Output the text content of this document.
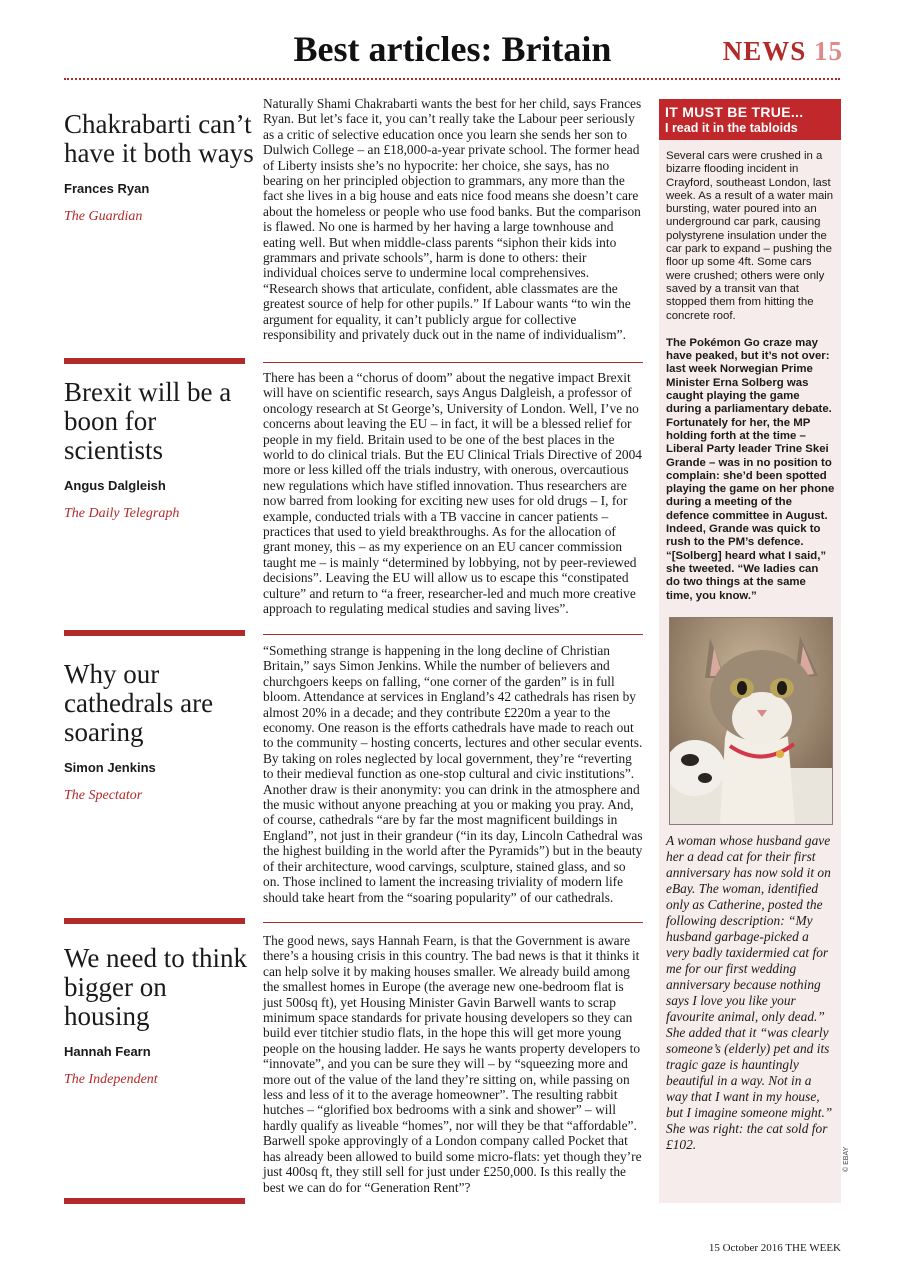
Best articles: Britain	NEWS 15
Chakrabarti can’t have it both ways
Frances Ryan
The Guardian

Naturally Shami Chakrabarti wants the best for her child, says Frances Ryan. But let’s face it, you can’t really take the Labour peer seriously as a critic of selective education once you learn she sends her son to Dulwich College – an £18,000-a-year private school. The former head of Liberty insists she’s no hypocrite: her choice, she says, has no bearing on her principled objection to grammars, any more than the fact she lives in a big house and eats nice food means she doesn’t care about the homeless or people who use food banks. But the comparison is flawed. No one is harmed by her having a large townhouse and eating well. But when middle-class parents “siphon their kids into grammars and private schools”, harm is done to others: their individual choices serve to undermine local comprehensives. “Research shows that articulate, confident, able classmates are the greatest source of help for other pupils.” If Labour wants “to win the argument for equality, it can’t publicly argue for collective responsibility and privately duck out in the name of individualism”.

Brexit will be a boon for scientists
Angus Dalgleish
The Daily Telegraph

There has been a “chorus of doom” about the negative impact Brexit will have on scientific research, says Angus Dalgleish, a professor of oncology research at St George’s, University of London. Well, I’ve no concerns about leaving the EU – in fact, it will be a blessed relief for people in my field. Britain used to be one of the best places in the world to do clinical trials. But the EU Clinical Trials Directive of 2004 more or less killed off the trials industry, with onerous, overcautious new regulations which have stifled innovation. Thus researchers are now barred from looking for exciting new uses for old drugs – I, for example, conducted trials with a TB vaccine in cancer patients – practices that used to yield breakthroughs. As for the allocation of grant money, this – as my experience on an EU cancer commission taught me – is mainly “determined by lobbying, not by peer-reviewed decisions”. Leaving the EU will allow us to escape this “constipated culture” and return to “a freer, researcher-led and much more creative approach to regulating medical studies and saving lives”.

Why our cathedrals are soaring
Simon Jenkins
The Spectator

“Something strange is happening in the long decline of Christian Britain,” says Simon Jenkins. While the number of believers and churchgoers keeps on falling, “one corner of the garden” is in full bloom. Attendance at services in England’s 42 cathedrals has risen by almost 20% in a decade; and they contribute £220m a year to the economy. One reason is the efforts cathedrals have made to reach out to the community – hosting concerts, lectures and other secular events. By taking on roles neglected by local government, they’re “reverting to their medieval function as one-stop cultural and civic institutions”. Another draw is their anonymity: you can drink in the atmosphere and the music without anyone preaching at you or making you pray. And, of course, cathedrals “are by far the most magnificent buildings in England”, not just in their grandeur (“in its day, Lincoln Cathedral was the highest building in the world after the Pyramids”) but in the beauty of their architecture, wood carvings, sculpture, stained glass, and so on. Those inclined to lament the increasing triviality of modern life should take heart from the “soaring popularity” of our cathedrals.

We need to think bigger on housing
Hannah Fearn
The Independent

The good news, says Hannah Fearn, is that the Government is aware there’s a housing crisis in this country. The bad news is that it thinks it can help solve it by making houses smaller. We already build among the smallest homes in Europe (the average new one-bedroom flat is just 500sq ft), yet Housing Minister Gavin Barwell wants to scrap minimum space standards for private housing developers so they can build ever titchier studio flats, in the hope this will get more young people on the housing ladder. He says he wants property developers to “innovate”, and you can be sure they will – by “squeezing more and more out of the value of the land they’re sitting on, while passing on less and less of it to the average homeowner”. The resulting rabbit hutches – “glorified box bedrooms with a sink and shower” – will hardly qualify as liveable “homes”, nor will they be that “affordable”. Barwell spoke approvingly of a London company called Pocket that has already been allowed to build some micro-flats: yet though they’re just 400sq ft, they still sell for just under £250,000. Is this really the best we can do for “Generation Rent”?

IT MUST BE TRUE...
I read it in the tabloids
Several cars were crushed in a bizarre flooding incident in Crayford, southeast London, last week. As a result of a water main bursting, water poured into an underground car park, causing polystyrene insulation under the car park to expand – pushing the floor up some 4ft. Some cars were crushed; others were only saved by a transit van that stopped them from hitting the concrete roof.
The Pokémon Go craze may have peaked, but it’s not over: last week Norwegian Prime Minister Erna Solberg was caught playing the game during a parliamentary debate. Fortunately for her, the MP holding forth at the time – Liberal Party leader Trine Skei Grande – was in no position to complain: she’d been spotted playing the game on her phone during a meeting of the defence committee in August. Indeed, Grande was quick to rush to the PM’s defence. “[Solberg] heard what I said,” she tweeted. “We ladies can do two things at the same time, you know.”
A woman whose husband gave her a dead cat for their first anniversary has now sold it on eBay. The woman, identified only as Catherine, posted the following description: “My husband garbage-picked a very badly taxidermied cat for me for our first wedding anniversary because nothing says I love you like your favourite animal, only dead.” She added that it “was clearly someone’s (elderly) pet and its tragic gaze is hauntingly beautiful in a way. Not in a way that I want in my house, but I imagine someone might.” She was right: the cat sold for £102.
© EBAY
15 October 2016 THE WEEK
